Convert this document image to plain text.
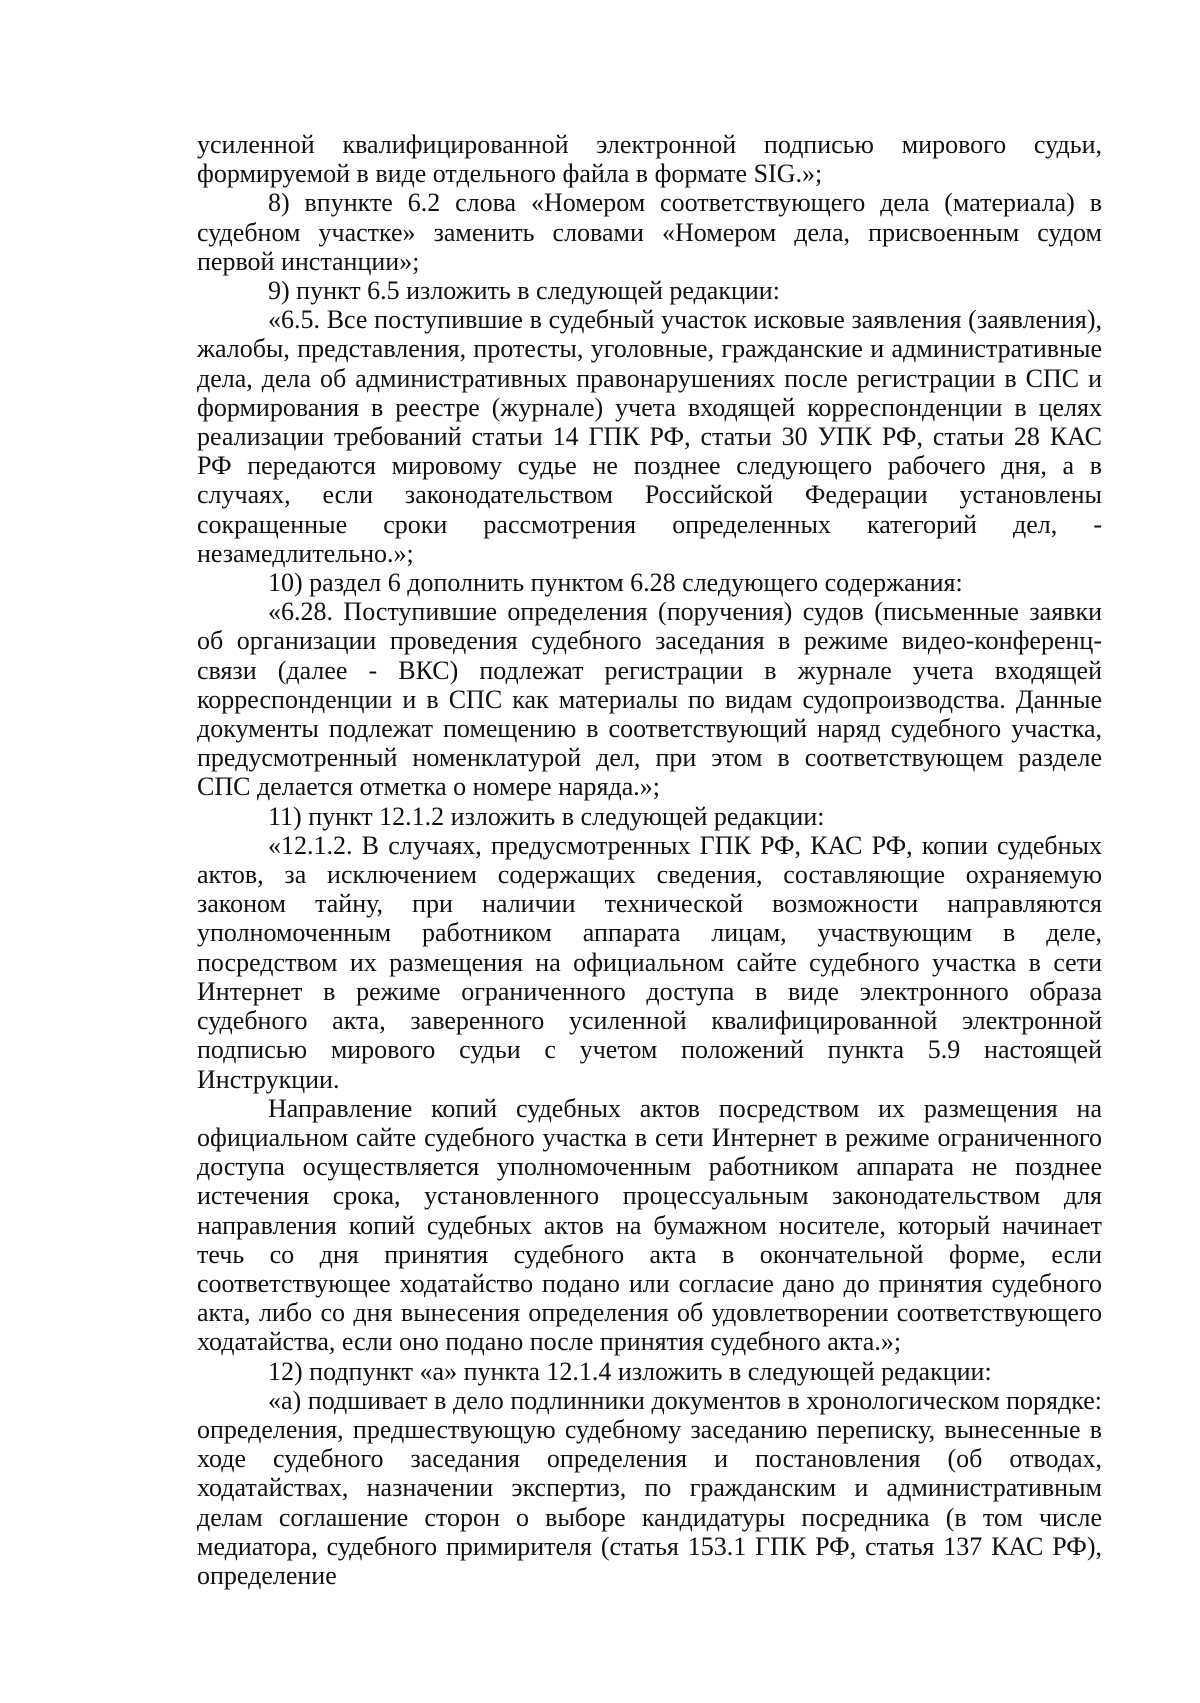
усиленной квалифицированной электронной подписью мирового судьи, формируемой в виде отдельного файла в формате SIG.»;

8) впункте 6.2 слова «Номером соответствующего дела (материала) в судебном участке» заменить словами «Номером дела, присвоенным судом первой инстанции»;

9) пункт 6.5 изложить в следующей редакции:

«6.5. Все поступившие в судебный участок исковые заявления (заявления), жалобы, представления, протесты, уголовные, гражданские и административные дела, дела об административных правонарушениях после регистрации в СПС и формирования в реестре (журнале) учета входящей корреспонденции в целях реализации требований статьи 14 ГПК РФ, статьи 30 УПК РФ, статьи 28 КАС РФ передаются мировому судье не позднее следующего рабочего дня, а в случаях, если законодательством Российской Федерации установлены сокращенные сроки рассмотрения определенных категорий дел, - незамедлительно.»;

10) раздел 6 дополнить пунктом 6.28 следующего содержания:

«6.28. Поступившие определения (поручения) судов (письменные заявки об организации проведения судебного заседания в режиме видео-конференц-связи (далее - ВКС) подлежат регистрации в журнале учета входящей корреспонденции и в СПС как материалы по видам судопроизводства. Данные документы подлежат помещению в соответствующий наряд судебного участка, предусмотренный номенклатурой дел, при этом в соответствующем разделе СПС делается отметка о номере наряда.»;

11) пункт 12.1.2 изложить в следующей редакции:

«12.1.2. В случаях, предусмотренных ГПК РФ, КАС РФ, копии судебных актов, за исключением содержащих сведения, составляющие охраняемую законом тайну, при наличии технической возможности направляются уполномоченным работником аппарата лицам, участвующим в деле, посредством их размещения на официальном сайте судебного участка в сети Интернет в режиме ограниченного доступа в виде электронного образа судебного акта, заверенного усиленной квалифицированной электронной подписью мирового судьи с учетом положений пункта 5.9 настоящей Инструкции.

Направление копий судебных актов посредством их размещения на официальном сайте судебного участка в сети Интернет в режиме ограниченного доступа осуществляется уполномоченным работником аппарата не позднее истечения срока, установленного процессуальным законодательством для направления копий судебных актов на бумажном носителе, который начинает течь со дня принятия судебного акта в окончательной форме, если соответствующее ходатайство подано или согласие дано до принятия судебного акта, либо со дня вынесения определения об удовлетворении соответствующего ходатайства, если оно подано после принятия судебного акта.»;

12) подпункт «а» пункта 12.1.4 изложить в следующей редакции:

«а) подшивает в дело подлинники документов в хронологическом порядке: определения, предшествующую судебному заседанию переписку, вынесенные в ходе судебного заседания определения и постановления (об отводах, ходатайствах, назначении экспертиз, по гражданским и административным делам соглашение сторон о выборе кандидатуры посредника (в том числе медиатора, судебного примирителя (статья 153.1 ГПК РФ, статья 137 КАС РФ), определение
